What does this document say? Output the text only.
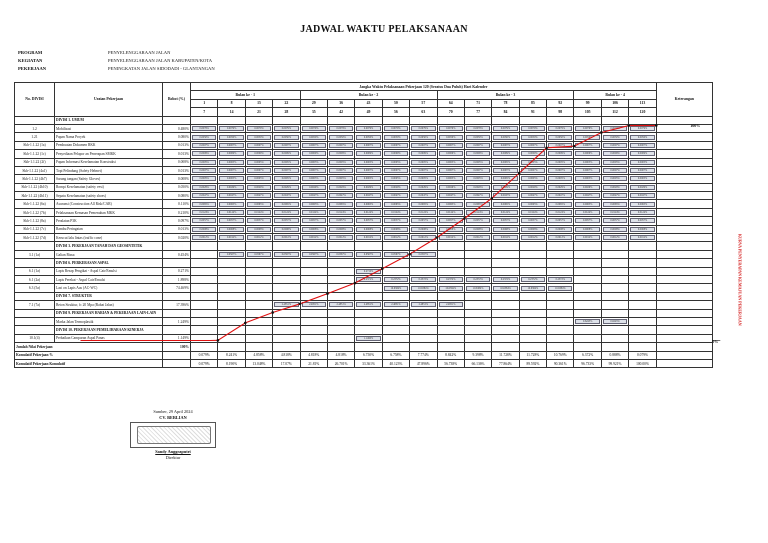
JADWAL WAKTU PELAKSANAAN
PROGRAM	PENYELENGGARAAN JALAN
KEGIATAN	PENYELENGGARAAN JALAN KABUPATEN/KOTA
PEKERJAAN	PENINGKATAN JALAN SIDODADI - GLANTANGAN
No. DIVISI	Uraian Pekerjaan	Bobot (%)	Jangka Waktu Pelaksanaan Pekerjaan 120 (Seratus Dua Puluh) Hari Kalender																	Keterangan
			Bulan ke - 1				Bulan ke - 2					Bulan ke - 3					Bulan ke - 4			
			1	8	15	22	29	36	43	50	57	64	71	78	85	92	99	106	113	
			7	14	21	28	35	42	49	56	63	70	77	84	91	98	105	112	120	
	DIVISI 1. UMUM																			
1.2	Mobilisasi	0.480%	0.0079%	0.0079%	0.0079%	0.0079%	0.0079%	0.0079%	0.0079%	0.0079%	0.0079%	0.0079%	0.0079%	0.0079%	0.0079%	0.0079%	0.0079%	0.0079%	0.0079%	

1.21	Papan Nama Proyek	0.080%	0.0050%	0.0050%	0.0050%	0.0050%	0.0050%	0.0050%	0.0050%	0.0050%	0.0050%	0.0050%	0.0050%	0.0050%	0.0050%	0.0050%	0.0050%	0.0050%	0.0050%	

Skh-1.1.22 (1a)	Pembuatan Dokumen RKK	0.013%	0.0007%	0.0007%	0.0007%	0.0007%	0.0007%	0.0007%	0.0007%	0.0007%	0.0007%	0.0007%	0.0007%	0.0007%	0.0007%	0.0007%	0.0007%	0.0007%	0.0007%	

Skh-1.1.22 (1c)	Penyediaan Pelapor an Penerapan SMKK	0.013%	0.0009%	0.0009%	0.0009%	0.0009%	0.0009%	0.0009%	0.0009%	0.0009%	0.0009%	0.0009%	0.0009%	0.0009%	0.0009%	0.0009%	0.0009%	0.0009%	0.0009%	

Skh-1.1.22 (2f)	Papan Informasi Keselamatan Konstruksi	0.008%	0.0005%	0.0005%	0.0005%	0.0005%	0.0005%	0.0005%	0.0005%	0.0005%	0.0005%	0.0005%	0.0005%	0.0005%	0.0005%	0.0005%	0.0005%	0.0005%	0.0005%	

Skh-1.1.22 (4a1)	Topi Pelindung (Safety Helmet)	0.013%	0.0007%	0.0007%	0.0007%	0.0007%	0.0007%	0.0007%	0.0007%	0.0007%	0.0007%	0.0007%	0.0007%	0.0007%	0.0007%	0.0007%	0.0007%	0.0007%	0.0007%	

Skh-1.1.22 (4b7)	Sarung tangan (Safety Gloves)	0.008%	0.0005%	0.0005%	0.0005%	0.0005%	0.0005%	0.0005%	0.0005%	0.0005%	0.0005%	0.0005%	0.0005%	0.0005%	0.0005%	0.0005%	0.0005%	0.0005%	0.0005%	

Skh-1.1.22 (4b10)	Rompi Keselamatan (safety vest)	0.050%	0.0029%	0.0029%	0.0029%	0.0029%	0.0029%	0.0029%	0.0029%	0.0029%	0.0029%	0.0029%	0.0029%	0.0029%	0.0029%	0.0029%	0.0029%	0.0029%	0.0029%	

Skh-1.1.22 (4b11)	Sepatu Keselamatan (safety shoes)	0.080%	0.0047%	0.0047%	0.0047%	0.0047%	0.0047%	0.0047%	0.0047%	0.0047%	0.0047%	0.0047%	0.0047%	0.0047%	0.0047%	0.0047%	0.0047%	0.0047%	0.0047%	

Skh-1.1.22 (6a)	Asuransi (Construction All Risk/CAR)	0.110%	0.0065%	0.0065%	0.0065%	0.0065%	0.0065%	0.0065%	0.0065%	0.0065%	0.0065%	0.0065%	0.0065%	0.0065%	0.0065%	0.0065%	0.0065%	0.0065%	0.0065%	

Skh-1.1.22 (7b)	Pelaksanaan Kemasan Pemenuhan MKK	0.210%	0.0124%	0.0124%	0.0124%	0.0124%	0.0124%	0.0124%	0.0124%	0.0124%	0.0124%	0.0124%	0.0124%	0.0124%	0.0124%	0.0124%	0.0124%	0.0124%	0.0124%	

Skh-1.1.22 (8a)	Peralatan P3K	0.097%	0.0057%	0.0057%	0.0057%	0.0057%	0.0057%	0.0057%	0.0057%	0.0057%	0.0057%	0.0057%	0.0057%	0.0057%	0.0057%	0.0057%	0.0057%	0.0057%	0.0057%	

Skh-1.1.22 (7c)	Rambu Peringatan	0.013%	0.0008%	0.0008%	0.0008%	0.0008%	0.0008%	0.0008%	0.0008%	0.0008%	0.0008%	0.0008%	0.0008%	0.0008%	0.0008%	0.0008%	0.0008%	0.0008%	0.0008%	

Skh-1.1.22 (7d)	Kerucut lalu lintas (traffic cone)	0.020%	0.0012%	0.0012%	0.0012%	0.0012%	0.0012%	0.0012%	0.0012%	0.0012%	0.0012%	0.0012%	0.0012%	0.0012%	0.0012%	0.0012%	0.0012%	0.0012%	0.0012%	

	DIVISI 3. PEKERJAAN TANAH DAN GEOSINTETIK																			
3.1 (1a)	Galian Biasa	0.454%		0.0567%	0.0567%	0.0567%	0.0567%	0.0567%	0.0567%	0.0567%	0.0567%									

	DIVISI 6. PERKERASAN ASPAL																			
6.1 (1a)	Lapis Resap Pengikat - Aspal Cair/Emulsi	0.271%							0.2710%											

6.1 (2a)	Lapis Perekat - Aspal Cair/Emulsi	1.898%							0.2372%	0.2372%	0.2372%	0.2372%	0.2372%	0.2372%	0.2372%	0.2372%				

6.3 (5a)	Lasi on Lapis Aus (AC-WC)	74.469%								10.6384%	10.6384%	10.6384%	10.6384%	10.6384%	10.6384%	10.6384%				

	DIVISI 7. STRUKTUR																			
7.1 (7a)	Beton Struktur, fc 20 Mpa (Rabat Jalan)	17.396%				2.4851%	2.4851%	2.4851%	2.4851%	2.4851%	2.4851%	2.4851%								

	DIVISI 9. PEKERJAAN HARIAN & PEKERJAAN LAIN-LAIN																			
	Marka Jalan Termoplastik	1.249%															0.6245%	0.6245%		

	DIVISI 10. PEKERJAAN PEMELIHARAAN KINERJA																			
10.1(4)	Perbaikan Campuran Aspal Panas	1.149%							1.1490%											

Jumlah Nilai Pekerjaan		100%																		
Komulatif Pekerjaan %			0.079%	8.241%	4.858%	4.818%	4.818%	4.818%	6.750%	6.758%	7.774%	8.842%	9.398%	11.728%	11.728%	10.769%	6.372%	0.888%	0.079%	
Komulatif Pekerjaan Komulatif			0.079%	8.190%	13.048%	17.07%	21.81%	26.701%	33.361%	40.123%	47.896%	56.738%	66.136%	77.864%	89.592%	90.361%	96.733%	99.921%	100.00%	
KURVA PENYERAPAN KEMAJUAN PEKERJAAN
100%
0%
Sumber, 29 April 2024
CV. BERLIAN
Sandy Anggraputri
Direktur
